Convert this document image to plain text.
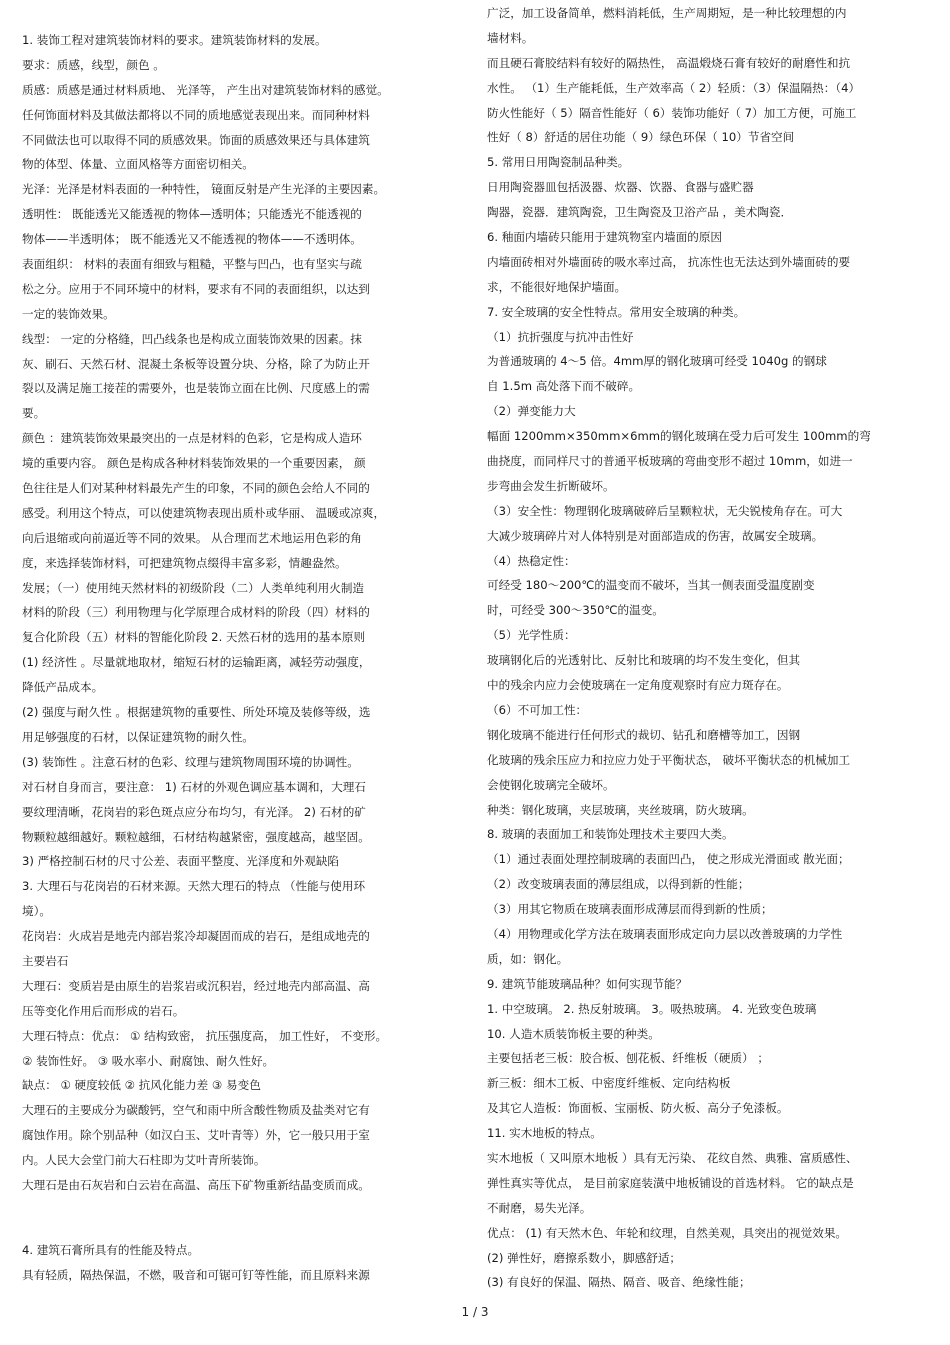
1. 装饰工程对建筑装饰材料的要求。建筑装饰材料的发展。
要求：质感，线型，颜色 。
质感：质感是通过材料质地、 光泽等， 产生出对建筑装饰材料的感觉。
任何饰面材料及其做法都将以不同的质地感觉表现出来。而同种材料
不同做法也可以取得不同的质感效果。饰面的质感效果还与具体建筑
物的体型、体量、立面风格等方面密切相关。
光泽：光泽是材料表面的一种特性， 镜面反射是产生光泽的主要因素。
透明性： 既能透光又能透视的物体—透明体；只能透光不能透视的
物体——半透明体； 既不能透光又不能透视的物体——不透明体。
表面组织： 材料的表面有细致与粗糙，平整与凹凸，也有坚实与疏
松之分。应用于不同环境中的材料，要求有不同的表面组织，以达到
一定的装饰效果。
线型： 一定的分格缝，凹凸线条也是构成立面装饰效果的因素。抹
灰、刷石、天然石材、混凝土条板等设置分块、分格，除了为防止开
裂以及满足施工接茬的需要外，也是装饰立面在比例、尺度感上的需
要。
颜色 ：建筑装饰效果最突出的一点是材料的色彩，它是构成人造环
境的重要内容。 颜色是构成各种材料装饰效果的一个重要因素， 颜
色往往是人们对某种材料最先产生的印象，不同的颜色会给人不同的
感受。利用这个特点，可以使建筑物表现出质朴或华丽、 温暖或凉爽，
向后退缩或向前逼近等不同的效果。 从合理而艺术地运用色彩的角
度，来选择装饰材料，可把建筑物点缀得丰富多彩，情趣盎然。
发展；（一）使用纯天然材料的初级阶段（二）人类单纯利用火制造
材料的阶段（三）利用物理与化学原理合成材料的阶段（四）材料的
复合化阶段（五）材料的智能化阶段 2. 天然石材的选用的基本原则
(1) 经济性 。尽量就地取材，缩短石材的运输距离，减轻劳动强度，
降低产品成本。
(2) 强度与耐久性 。根据建筑物的重要性、所处环境及装修等级，选
用足够强度的石材，以保证建筑物的耐久性。
(3) 装饰性 。注意石材的色彩、纹理与建筑物周围环境的协调性。
对石材自身而言，要注意： 1) 石材的外观色调应基本调和，大理石
要纹理清晰，花岗岩的彩色斑点应分布均匀，有光泽。 2) 石材的矿
物颗粒越细越好。颗粒越细，石材结构越紧密，强度越高，越坚固。
3) 严格控制石材的尺寸公差、表面平整度、光泽度和外观缺陷
3. 大理石与花岗岩的石材来源。天然大理石的特点 （性能与使用环
境）。
花岗岩：火成岩是地壳内部岩浆冷却凝固而成的岩石，是组成地壳的
主要岩石
大理石：变质岩是由原生的岩浆岩或沉积岩，经过地壳内部高温、高
压等变化作用后而形成的岩石。
大理石特点：优点： ① 结构致密， 抗压强度高， 加工性好， 不变形。
② 装饰性好。 ③ 吸水率小、耐腐蚀、耐久性好。
缺点： ① 硬度较低 ② 抗风化能力差 ③ 易变色
大理石的主要成分为碳酸钙，空气和雨中所含酸性物质及盐类对它有
腐蚀作用。除个别品种（如汉白玉、艾叶青等）外，它一般只用于室
内。人民大会堂门前大石柱即为艾叶青所装饰。
大理石是由石灰岩和白云岩在高温、高压下矿物重新结晶变质而成。
4. 建筑石膏所具有的性能及特点。
具有轻质，隔热保温，不燃，吸音和可锯可钉等性能，而且原料来源
广泛，加工设备简单，燃料消耗低，生产周期短，是一种比较理想的内
墙材料。
而且硬石膏胶结料有较好的隔热性， 高温煅烧石膏有较好的耐磨性和抗
水性。 （1）生产能耗低，生产效率高（ 2）轻质：（3）保温隔热：（4）
防火性能好（ 5）隔音性能好（ 6）装饰功能好（ 7）加工方便，可施工
性好（ 8）舒适的居住功能（ 9）绿色环保（ 10）节省空间
5. 常用日用陶瓷制品种类。
日用陶瓷器皿包括汲器、炊器、饮器、食器与盛贮器
陶器，瓷器．建筑陶瓷，卫生陶瓷及卫浴产品 ，美术陶瓷．
6. 釉面内墙砖只能用于建筑物室内墙面的原因
内墙面砖相对外墙面砖的吸水率过高， 抗冻性也无法达到外墙面砖的要
求，不能很好地保护墙面。
7. 安全玻璃的安全性特点。常用安全玻璃的种类。
（1）抗折强度与抗冲击性好
为普通玻璃的 4～5 倍。4mm厚的钢化玻璃可经受 1040g 的钢球
自 1.5m 高处落下而不破碎。
（2）弹变能力大
幅面 1200mm×350mm×6mm的钢化玻璃在受力后可发生 100mm的弯
曲挠度，而同样尺寸的普通平板玻璃的弯曲变形不超过 10mm，如进一
步弯曲会发生折断破坏。
（3）安全性：物理钢化玻璃破碎后呈颗粒状，无尖锐棱角存在。可大
大减少玻璃碎片对人体特别是对面部造成的伤害，故属安全玻璃。
（4）热稳定性：
可经受 180～200℃的温变而不破坏，当其一侧表面受温度剧变
时，可经受 300～350℃的温变。
（5）光学性质：
玻璃钢化后的光透射比、反射比和玻璃的均不发生变化，但其
中的残余内应力会使玻璃在一定角度观察时有应力斑存在。
（6）不可加工性：
钢化玻璃不能进行任何形式的裁切、钻孔和磨槽等加工，因钢
化玻璃的残余压应力和拉应力处于平衡状态， 破坏平衡状态的机械加工
会使钢化玻璃完全破坏。
种类：钢化玻璃，夹层玻璃，夹丝玻璃，防火玻璃。
8. 玻璃的表面加工和装饰处理技术主要四大类。
（1）通过表面处理控制玻璃的表面凹凸， 使之形成光滑面或 散光面；
（2）改变玻璃表面的薄层组成，以得到新的性能；
（3）用其它物质在玻璃表面形成薄层而得到新的性质；
（4）用物理或化学方法在玻璃表面形成定向力层以改善玻璃的力学性
质，如：钢化。
9. 建筑节能玻璃品种？如何实现节能？
1. 中空玻璃。 2. 热反射玻璃。 3。吸热玻璃。 4. 光致变色玻璃
10. 人造木质装饰板主要的种类。
主要包括老三板：胶合板、刨花板、纤维板（硬质） ；
新三板：细木工板、中密度纤维板、定向结构板
及其它人造板：饰面板、宝丽板、防火板、高分子免漆板。
11. 实木地板的特点。
实木地板（ 又叫原木地板 ）具有无污染、 花纹自然、典雅、富质感性、
弹性真实等优点， 是目前家庭装潢中地板铺设的首选材料。 它的缺点是
不耐磨，易失光泽。
优点： (1) 有天然木色、年轮和纹理，自然美观，具突出的视觉效果。
(2) 弹性好，磨擦系数小，脚感舒适；
(3) 有良好的保温、隔热、隔音、吸音、绝缘性能；
1 / 3
